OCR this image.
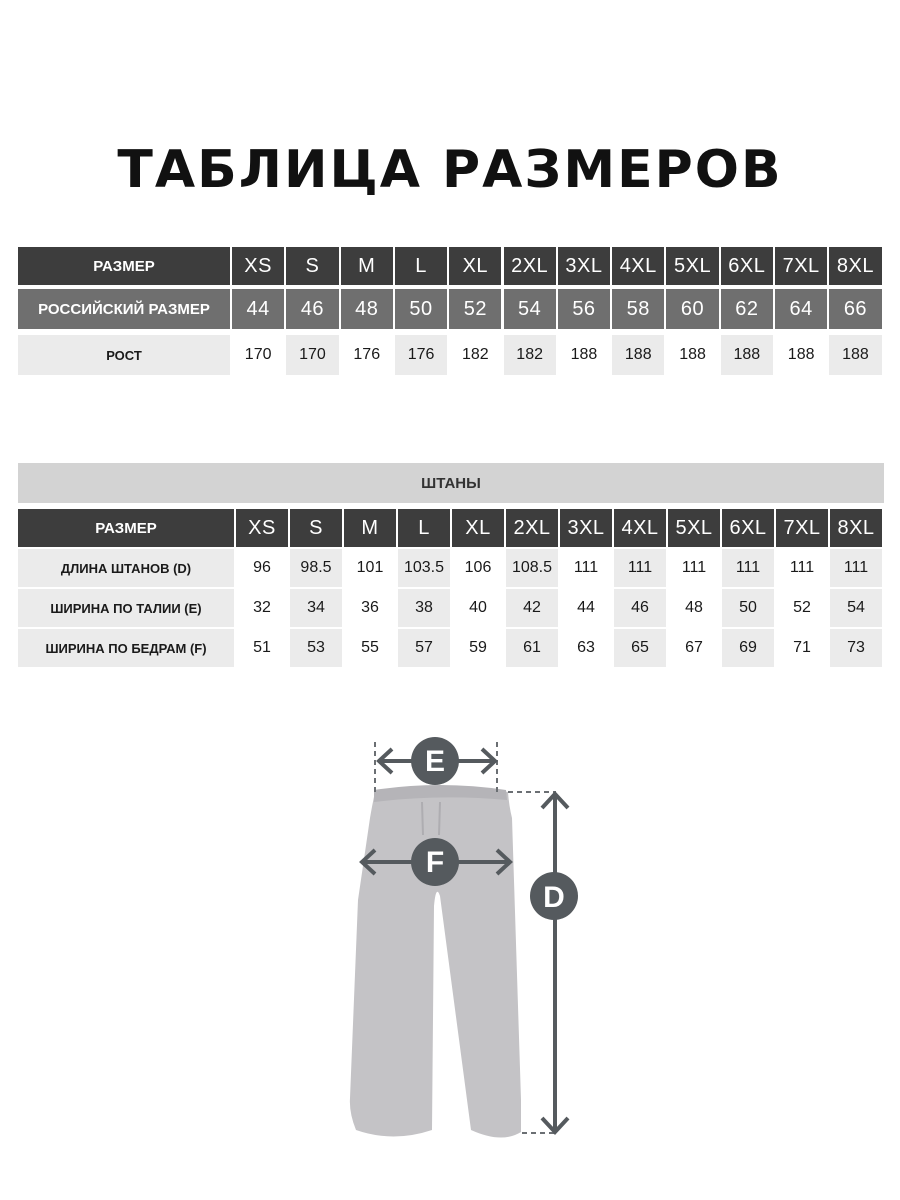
ТАБЛИЦА РАЗМЕРОВ
РАЗМЕР	XS	S	M	L	XL	2XL 3XL 4XL 5XL 6XL 7XL 8XL
РОССИЙСКИЙ РАЗМЕР	44	46	48	50	52	54	56	58	60	62	64	66
РОСТ	170	170	176	176	182	182	188	188	188	188	188	188
ШТАНЫ
РАЗМЕР	XS	S	M	L	XL	2XL 3XL 4XL 5XL 6XL 7XL 8XL
ДЛИНА ШТАНОВ (D)	96	98.5	101	103.5	106	108.5	111	111	111	111	111	111
ШИРИНА ПО ТАЛИИ (E)	32	34	36	38	40	42	44	46	48	50	52	54
ШИРИНА ПО БЕДРАМ (F)	51	53	55	57	59	61	63	65	67	69	71	73
E
F
D
